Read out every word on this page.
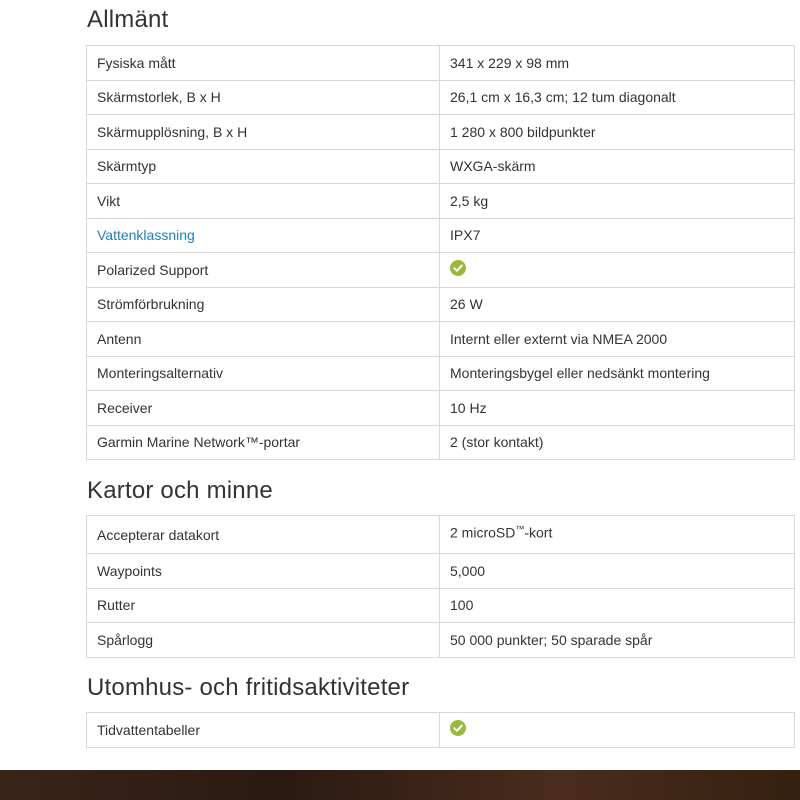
Allmänt
Fysiska mått	341 x 229 x 98 mm
Skärmstorlek, B x H	26,1 cm x 16,3 cm; 12 tum diagonalt
Skärmupplösning, B x H	1 280 x 800 bildpunkter
Skärmtyp	WXGA-skärm
Vikt	2,5 kg
Vattenklassning	IPX7
Polarized Support	
Strömförbrukning	26 W
Antenn	Internt eller externt via NMEA 2000
Monteringsalternativ	Monteringsbygel eller nedsänkt montering
Receiver	10 Hz
Garmin Marine Network™-portar	2 (stor kontakt)
Kartor och minne
Accepterar datakort	2 microSD™-kort
Waypoints	5,000
Rutter	100
Spårlogg	50 000 punkter; 50 sparade spår
Utomhus- och fritidsaktiviteter
Tidvattentabeller	
